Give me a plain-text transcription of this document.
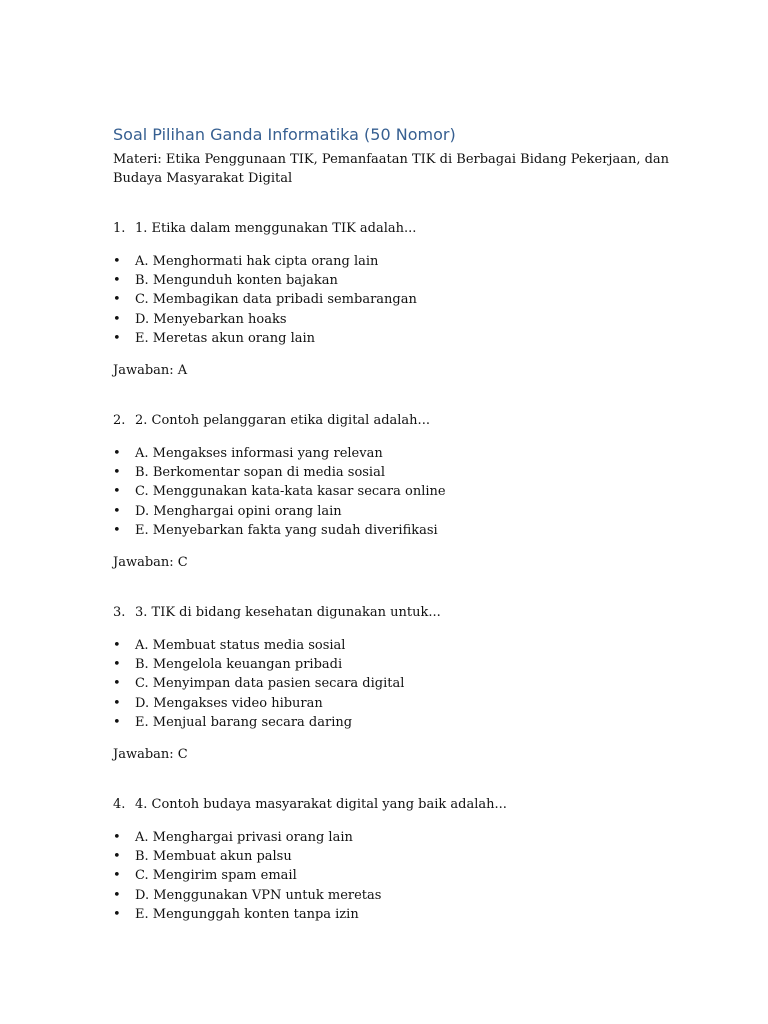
Soal Pilihan Ganda Informatika (50 Nomor)

Materi: Etika Penggunaan TIK, Pemanfaatan TIK di Berbagai Bidang Pekerjaan, dan Budaya Masyarakat Digital

1. 1. Etika dalam menggunakan TIK adalah...
•	A. Menghormati hak cipta orang lain
•	B. Mengunduh konten bajakan
•	C. Membagikan data pribadi sembarangan
•	D. Menyebarkan hoaks
•	E. Meretas akun orang lain
Jawaban: A
2. 2. Contoh pelanggaran etika digital adalah...
•	A. Mengakses informasi yang relevan
•	B. Berkomentar sopan di media sosial
•	C. Menggunakan kata-kata kasar secara online
•	D. Menghargai opini orang lain
•	E. Menyebarkan fakta yang sudah diverifikasi
Jawaban: C
3. 3. TIK di bidang kesehatan digunakan untuk...
•	A. Membuat status media sosial
•	B. Mengelola keuangan pribadi
•	C. Menyimpan data pasien secara digital
•	D. Mengakses video hiburan
•	E. Menjual barang secara daring
Jawaban: C
4. 4. Contoh budaya masyarakat digital yang baik adalah...
•	A. Menghargai privasi orang lain
•	B. Membuat akun palsu
•	C. Mengirim spam email
•	D. Menggunakan VPN untuk meretas
•	E. Mengunggah konten tanpa izin
